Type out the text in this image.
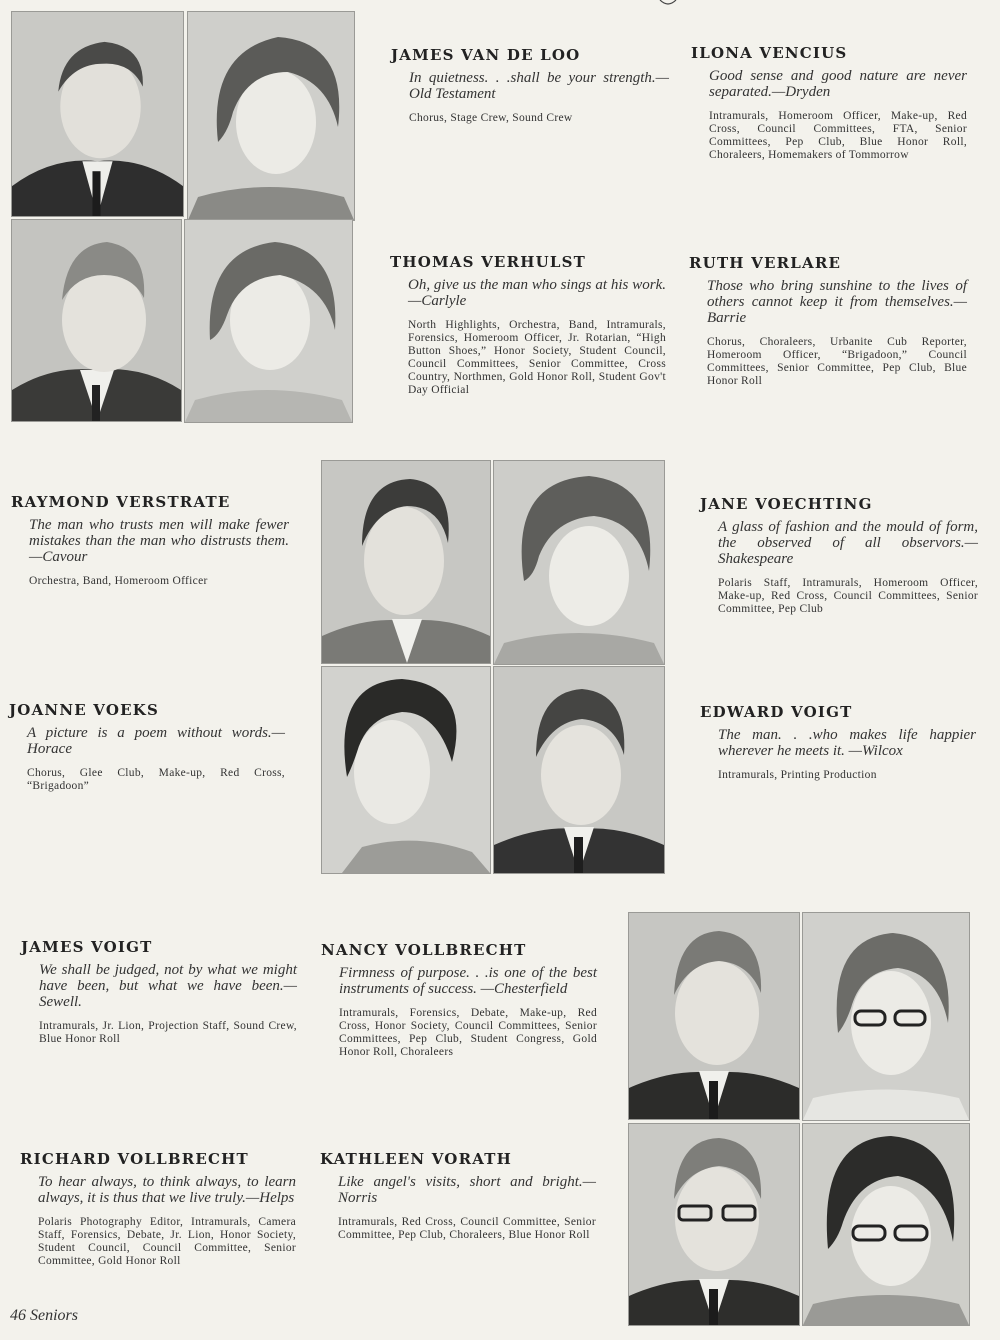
JAMES VAN DE LOO
In quietness. . .shall be your strength.—Old Testament
Chorus, Stage Crew, Sound Crew
ILONA VENCIUS
Good sense and good nature are never separated.—Dryden
Intramurals, Homeroom Officer, Make-up, Red Cross, Council Committees, FTA, Senior Committees, Pep Club, Blue Honor Roll, Choraleers, Homemakers of Tommorrow
THOMAS VERHULST
Oh, give us the man who sings at his work.—Carlyle
North Highlights, Orchestra, Band, Intramurals, Forensics, Homeroom Officer, Jr. Rotarian, “High Button Shoes,” Honor Society, Student Council, Council Committees, Senior Committee, Cross Country, Northmen, Gold Honor Roll, Student Gov't Day Official
RUTH VERLARE
Those who bring sunshine to the lives of others cannot keep it from themselves.—Barrie
Chorus, Choraleers, Urbanite Cub Reporter, Homeroom Officer, “Brigadoon,” Council Committees, Senior Committee, Pep Club, Blue Honor Roll
RAYMOND VERSTRATE
The man who trusts men will make fewer mistakes than the man who distrusts them. —Cavour
Orchestra, Band, Homeroom Officer
JANE VOECHTING
A glass of fashion and the mould of form, the observed of all observors.—Shakespeare
Polaris Staff, Intramurals, Homeroom Officer, Make-up, Red Cross, Council Committees, Senior Committee, Pep Club
JOANNE VOEKS
A picture is a poem without words.—Horace
Chorus, Glee Club, Make-up, Red Cross, “Brigadoon”
EDWARD VOIGT
The man. . .who makes life happier wherever he meets it. —Wilcox
Intramurals, Printing Production
JAMES VOIGT
We shall be judged, not by what we might have been, but what we have been.—Sewell.
Intramurals, Jr. Lion, Projection Staff, Sound Crew, Blue Honor Roll
NANCY VOLLBRECHT
Firmness of purpose. . .is one of the best instruments of success. —Chesterfield
Intramurals, Forensics, Debate, Make-up, Red Cross, Honor Society, Council Committees, Senior Committees, Pep Club, Student Congress, Gold Honor Roll, Choraleers
RICHARD VOLLBRECHT
To hear always, to think always, to learn always, it is thus that we live truly.—Helps
Polaris Photography Editor, Intramurals, Camera Staff, Forensics, Debate, Jr. Lion, Honor Society, Student Council, Council Committee, Senior Committee, Gold Honor Roll
KATHLEEN VORATH
Like angel's visits, short and bright.—Norris
Intramurals, Red Cross, Council Committee, Senior Committee, Pep Club, Choraleers, Blue Honor Roll
46 Seniors
